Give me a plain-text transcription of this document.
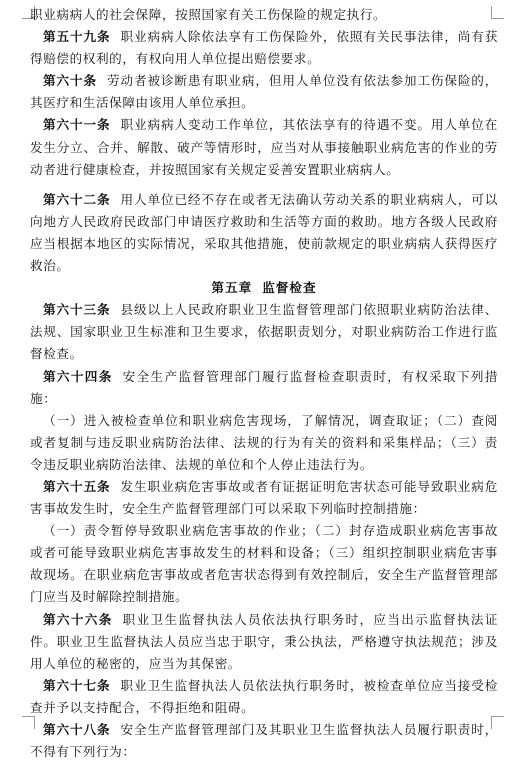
职业病病人的社会保障，按照国家有关工伤保险的规定执行。

第五十九条 职业病病人除依法享有工伤保险外，依照有关民事法律，尚有获得赔偿的权利的，有权向用人单位提出赔偿要求。

第六十条 劳动者被诊断患有职业病，但用人单位没有依法参加工伤保险的，其医疗和生活保障由该用人单位承担。

第六十一条 职业病病人变动工作单位，其依法享有的待遇不变。用人单位在发生分立、合并、解散、破产等情形时，应当对从事接触职业病危害的作业的劳动者进行健康检查，并按照国家有关规定妥善安置职业病病人。

第六十二条 用人单位已经不存在或者无法确认劳动关系的职业病病人，可以向地方人民政府民政部门申请医疗救助和生活等方面的救助。地方各级人民政府应当根据本地区的实际情况，采取其他措施，使前款规定的职业病病人获得医疗救治。

第五章 监督检查

第六十三条 县级以上人民政府职业卫生监督管理部门依照职业病防治法律、法规、国家职业卫生标准和卫生要求，依据职责划分，对职业病防治工作进行监督检查。

第六十四条 安全生产监督管理部门履行监督检查职责时，有权采取下列措施：

（一）进入被检查单位和职业病危害现场，了解情况，调查取证；（二）查阅或者复制与违反职业病防治法律、法规的行为有关的资料和采集样品；（三）责令违反职业病防治法律、法规的单位和个人停止违法行为。

第六十五条 发生职业病危害事故或者有证据证明危害状态可能导致职业病危害事故发生时，安全生产监督管理部门可以采取下列临时控制措施：

（一）责令暂停导致职业病危害事故的作业；（二）封存造成职业病危害事故或者可能导致职业病危害事故发生的材料和设备；（三）组织控制职业病危害事故现场。在职业病危害事故或者危害状态得到有效控制后，安全生产监督管理部门应当及时解除控制措施。

第六十六条 职业卫生监督执法人员依法执行职务时，应当出示监督执法证件。职业卫生监督执法人员应当忠于职守，秉公执法，严格遵守执法规范；涉及用人单位的秘密的，应当为其保密。

第六十七条 职业卫生监督执法人员依法执行职务时，被检查单位应当接受检查并予以支持配合，不得拒绝和阻碍。

第六十八条 安全生产监督管理部门及其职业卫生监督执法人员履行职责时，不得有下列行为：
